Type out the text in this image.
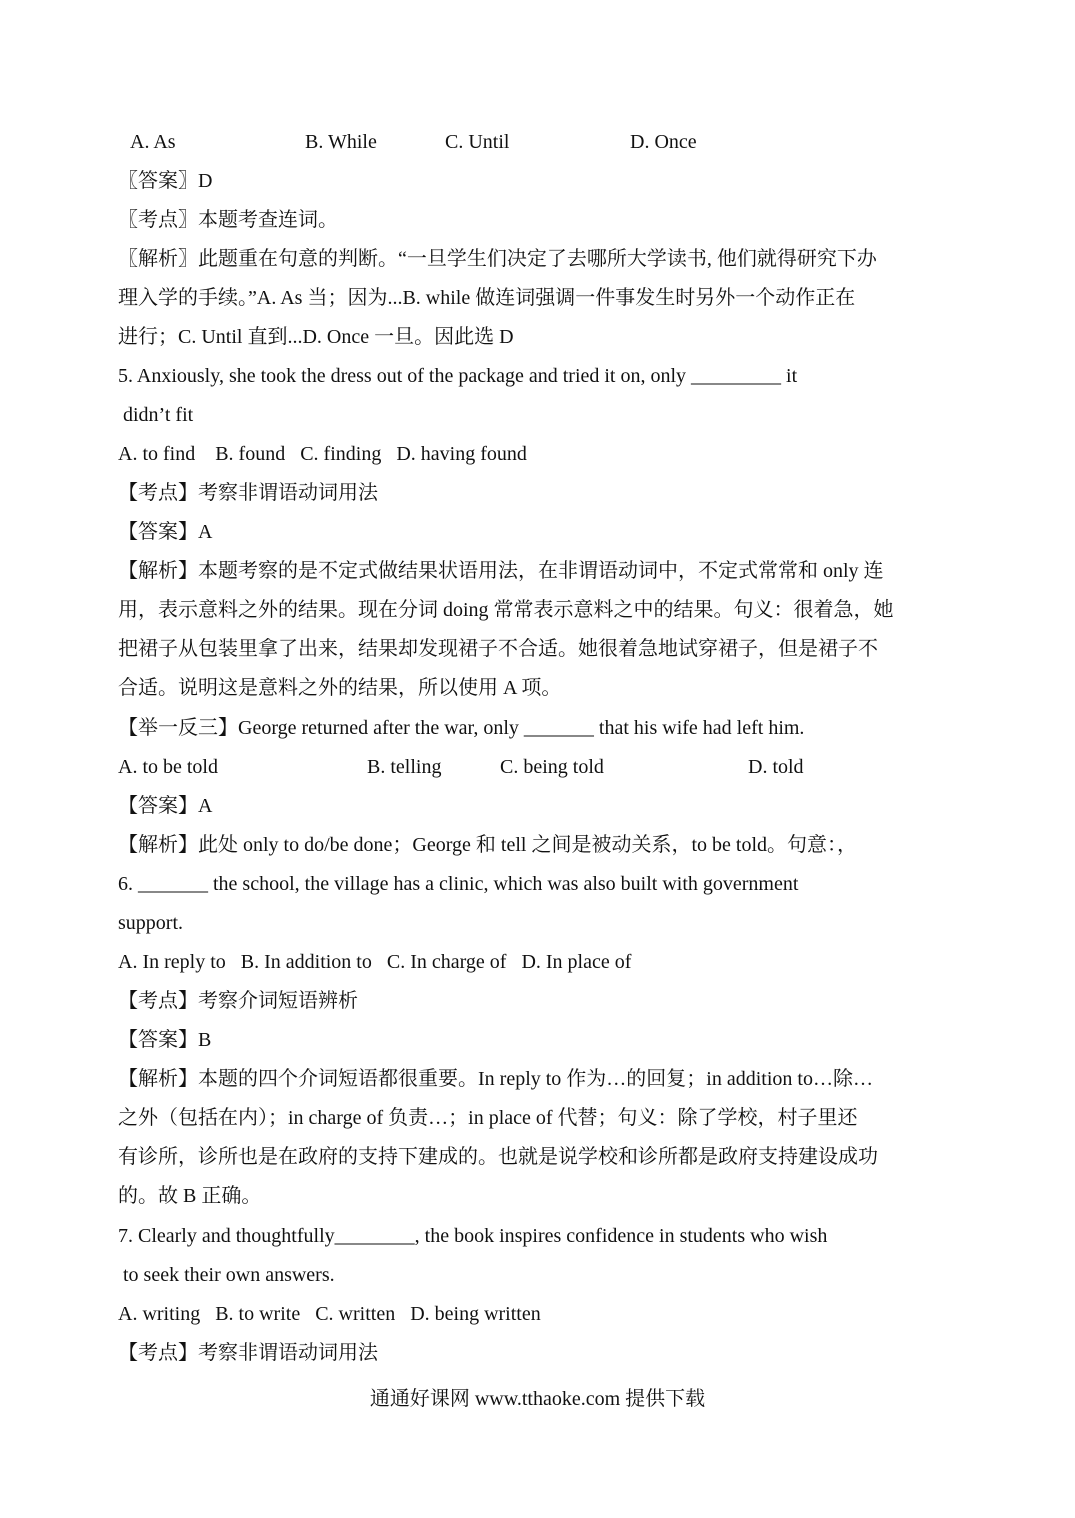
A. As	B. While	C. Until	D. Once
〖答案〗D
〖考点〗本题考查连词。
〖解析〗此题重在句意的判断。“一旦学生们决定了去哪所大学读书, 他们就得研究下办
理入学的手续。”A. As 当；因为...B. while 做连词强调一件事发生时另外一个动作正在
进行；C. Until 直到...D. Once 一旦。因此选 D
5. Anxiously, she took the dress out of the package and tried it on, only _________ it
didn’t fit
A. to find    B. found   C. finding   D. having found
【考点】考察非谓语动词用法
【答案】A
【解析】本题考察的是不定式做结果状语用法，在非谓语动词中，不定式常常和 only 连
用，表示意料之外的结果。现在分词 doing 常常表示意料之中的结果。句义：很着急，她
把裙子从包装里拿了出来，结果却发现裙子不合适。她很着急地试穿裙子，但是裙子不
合适。说明这是意料之外的结果，所以使用 A 项。
【举一反三】George returned after the war, only _______ that his wife had left him.
A. to be told	B. telling	C. being told	D. told
【答案】A
【解析】此处 only to do/be done；George 和 tell 之间是被动关系，to be told。句意：，
6. _______ the school, the village has a clinic, which was also built with government
support.
A. In reply to   B. In addition to   C. In charge of   D. In place of
【考点】考察介词短语辨析
【答案】B
【解析】本题的四个介词短语都很重要。In reply to 作为…的回复；in addition to…除…
之外（包括在内）；in charge of 负责…；in place of 代替；句义：除了学校，村子里还
有诊所，诊所也是在政府的支持下建成的。也就是说学校和诊所都是政府支持建设成功
的。故 B 正确。
7. Clearly and thoughtfully________, the book inspires confidence in students who wish
to seek their own answers.
A. writing   B. to write   C. written   D. being written
【考点】考察非谓语动词用法
通通好课网 www.tthaoke.com 提供下载
